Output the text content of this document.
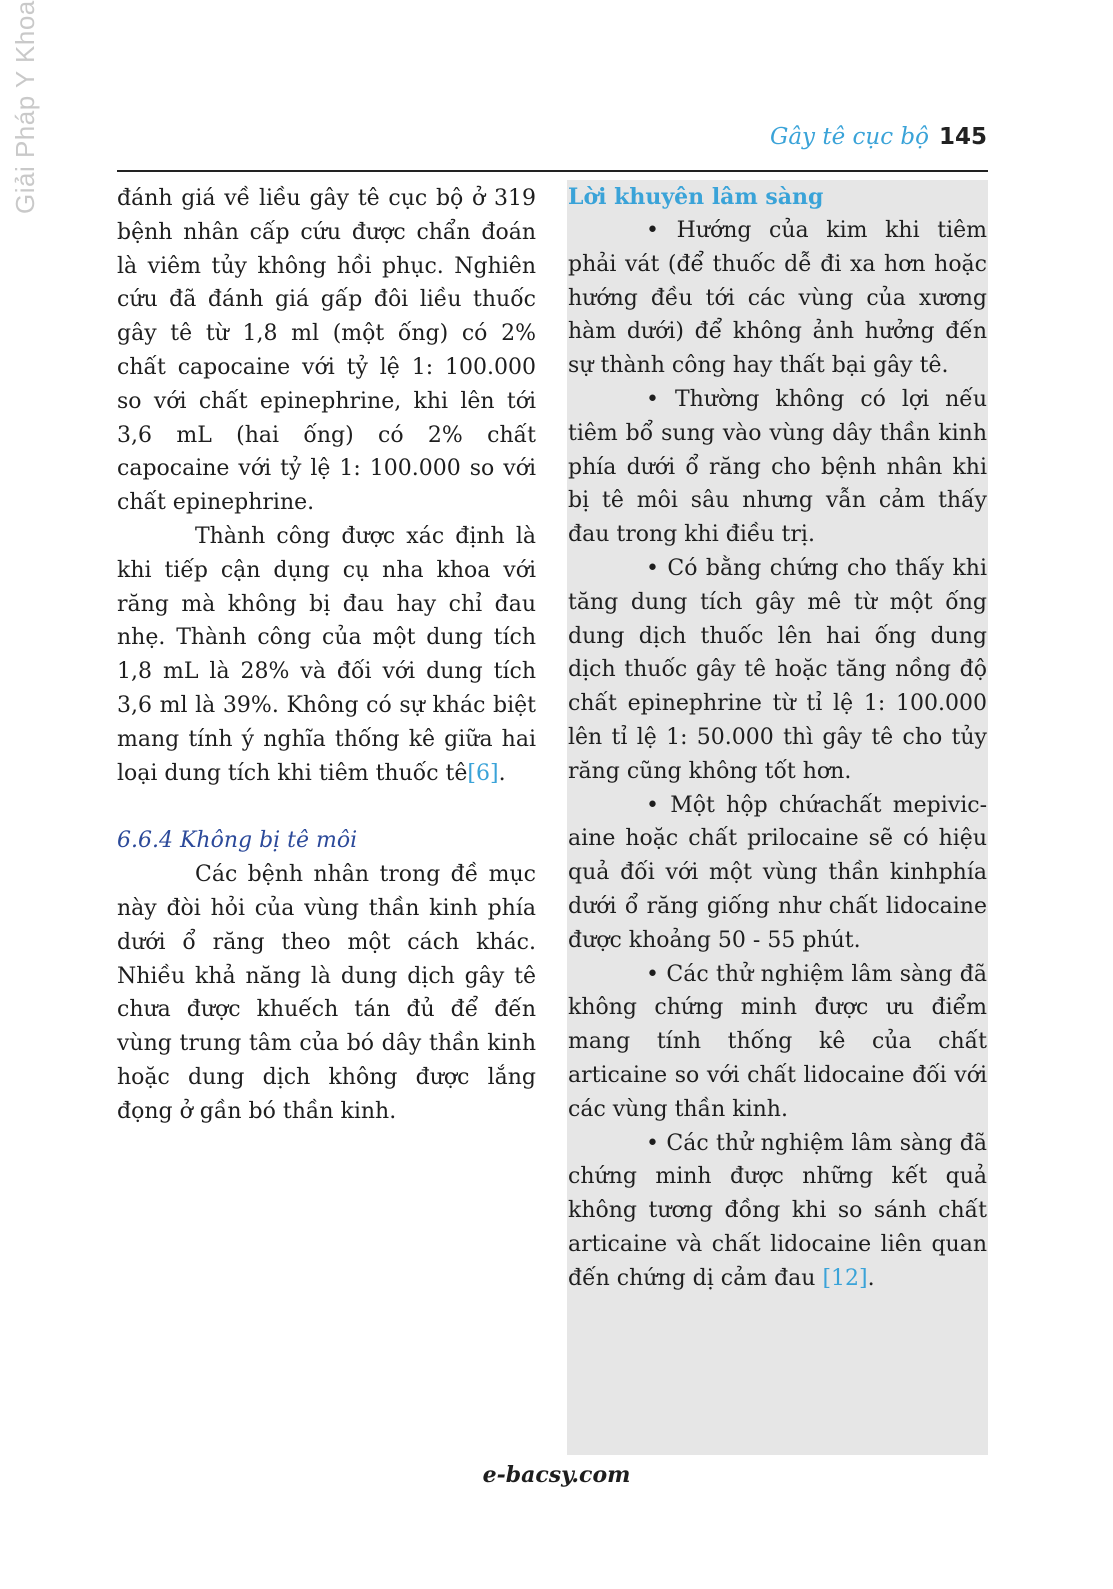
Giải Pháp Y Khoa	Gây tê cục bộ 145

đánh giá về liều gây tê cục bộ ở 319 bệnh nhân cấp cứu được chẩn đoán là viêm tủy không hồi phục. Nghiên cứu đã đánh giá gấp đôi liều thuốc gây tê từ 1,8 ml (một ống) có 2% chất capocaine với tỷ lệ 1: 100.000 so với chất epinephrine, khi lên tới 3,6 mL (hai ống) có 2% chất capocaine với tỷ lệ 1: 100.000 so với chất epinephrine.

Thành công được xác định là khi tiếp cận dụng cụ nha khoa với răng mà không bị đau hay chỉ đau nhẹ. Thành công của một dung tích 1,8 mL là 28% và đối với dung tích 3,6 ml là 39%. Không có sự khác biệt mang tính ý nghĩa thống kê giữa hai loại dung tích khi tiêm thuốc tê[6].

6.6.4 Không bị tê môi

Các bệnh nhân trong đề mục này đòi hỏi của vùng thần kinh phía dưới ổ răng theo một cách khác. Nhiều khả năng là dung dịch gây tê chưa được khuếch tán đủ để đến vùng trung tâm của bó dây thần kinh hoặc dung dịch không được lắng đọng ở gần bó thần kinh.

Lời khuyên lâm sàng

• Hướng của kim khi tiêm phải vát (để thuốc dễ đi xa hơn hoặc hướng đều tới các vùng của xương hàm dưới) để không ảnh hưởng đến sự thành công hay thất bại gây tê.

• Thường không có lợi nếu tiêm bổ sung vào vùng dây thần kinh phía dưới ổ răng cho bệnh nhân khi bị tê môi sâu nhưng vẫn cảm thấy đau trong khi điều trị.

• Có bằng chứng cho thấy khi tăng dung tích gây mê từ một ống dung dịch thuốc lên hai ống dung dịch thuốc gây tê hoặc tăng nồng độ chất epinephrine từ tỉ lệ 1: 100.000 lên tỉ lệ 1: 50.000 thì gây tê cho tủy răng cũng không tốt hơn.

• Một hộp chứachất mepivicaine hoặc chất prilocaine sẽ có hiệu quả đối với một vùng thần kinhphía dưới ổ răng giống như chất lidocaine được khoảng 50 - 55 phút.

• Các thử nghiệm lâm sàng đã không chứng minh được ưu điểm mang tính thống kê của chất articaine so với chất lidocaine đối với các vùng thần kinh.

• Các thử nghiệm lâm sàng đã chứng minh được những kết quả không tương đồng khi so sánh chất articaine và chất lidocaine liên quan đến chứng dị cảm đau [12].

e-bacsy.com
